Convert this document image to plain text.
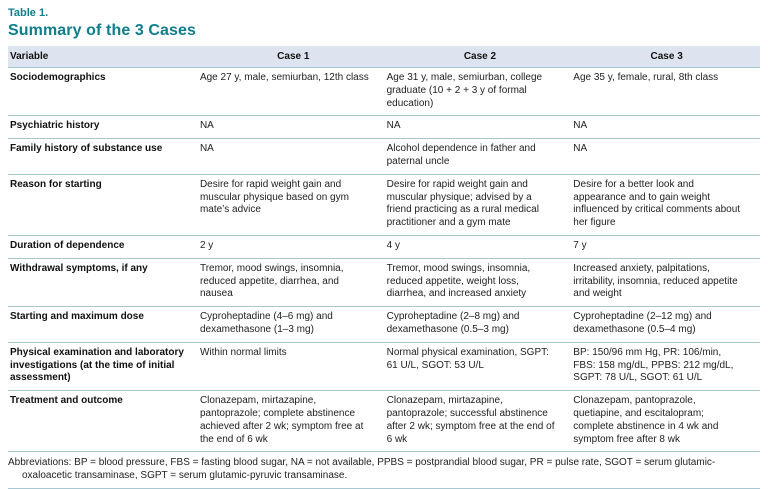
Table 1.
Summary of the 3 Cases
Variable	Case 1	Case 2	Case 3
Sociodemographics	Age 27 y, male, semiurban, 12th class	Age 31 y, male, semiurban, college graduate (10 + 2 + 3 y of formal education)	Age 35 y, female, rural, 8th class
Psychiatric history	NA	NA	NA
Family history of substance use	NA	Alcohol dependence in father and paternal uncle	NA
Reason for starting	Desire for rapid weight gain and muscular physique based on gym mate’s advice	Desire for rapid weight gain and muscular physique; advised by a friend practicing as a rural medical practitioner and a gym mate	Desire for a better look and appearance and to gain weight influenced by critical comments about her figure
Duration of dependence	2 y	4 y	7 y
Withdrawal symptoms, if any	Tremor, mood swings, insomnia, reduced appetite, diarrhea, and nausea	Tremor, mood swings, insomnia, reduced appetite, weight loss, diarrhea, and increased anxiety	Increased anxiety, palpitations, irritability, insomnia, reduced appetite and weight
Starting and maximum dose	Cyproheptadine (4–6 mg) and dexamethasone (1–3 mg)	Cyproheptadine (2–8 mg) and dexamethasone (0.5–3 mg)	Cyproheptadine (2–12 mg) and dexamethasone (0.5–4 mg)
Physical examination and laboratory investigations (at the time of initial assessment)	Within normal limits	Normal physical examination, SGPT: 61 U/L, SGOT: 53 U/L	BP: 150/96 mm Hg, PR: 106/min, FBS: 158 mg/dL, PPBS: 212 mg/dL, SGPT: 78 U/L, SGOT: 61 U/L
Treatment and outcome	Clonazepam, mirtazapine, pantoprazole; complete abstinence achieved after 2 wk; symptom free at the end of 6 wk	Clonazepam, mirtazapine, pantoprazole; successful abstinence after 2 wk; symptom free at the end of 6 wk	Clonazepam, pantoprazole, quetiapine, and escitalopram; complete abstinence in 4 wk and symptom free after 8 wk

Abbreviations: BP = blood pressure, FBS = fasting blood sugar, NA = not available, PPBS = postprandial blood sugar, PR = pulse rate, SGOT = serum glutamic-oxaloacetic transaminase, SGPT = serum glutamic-pyruvic transaminase.
